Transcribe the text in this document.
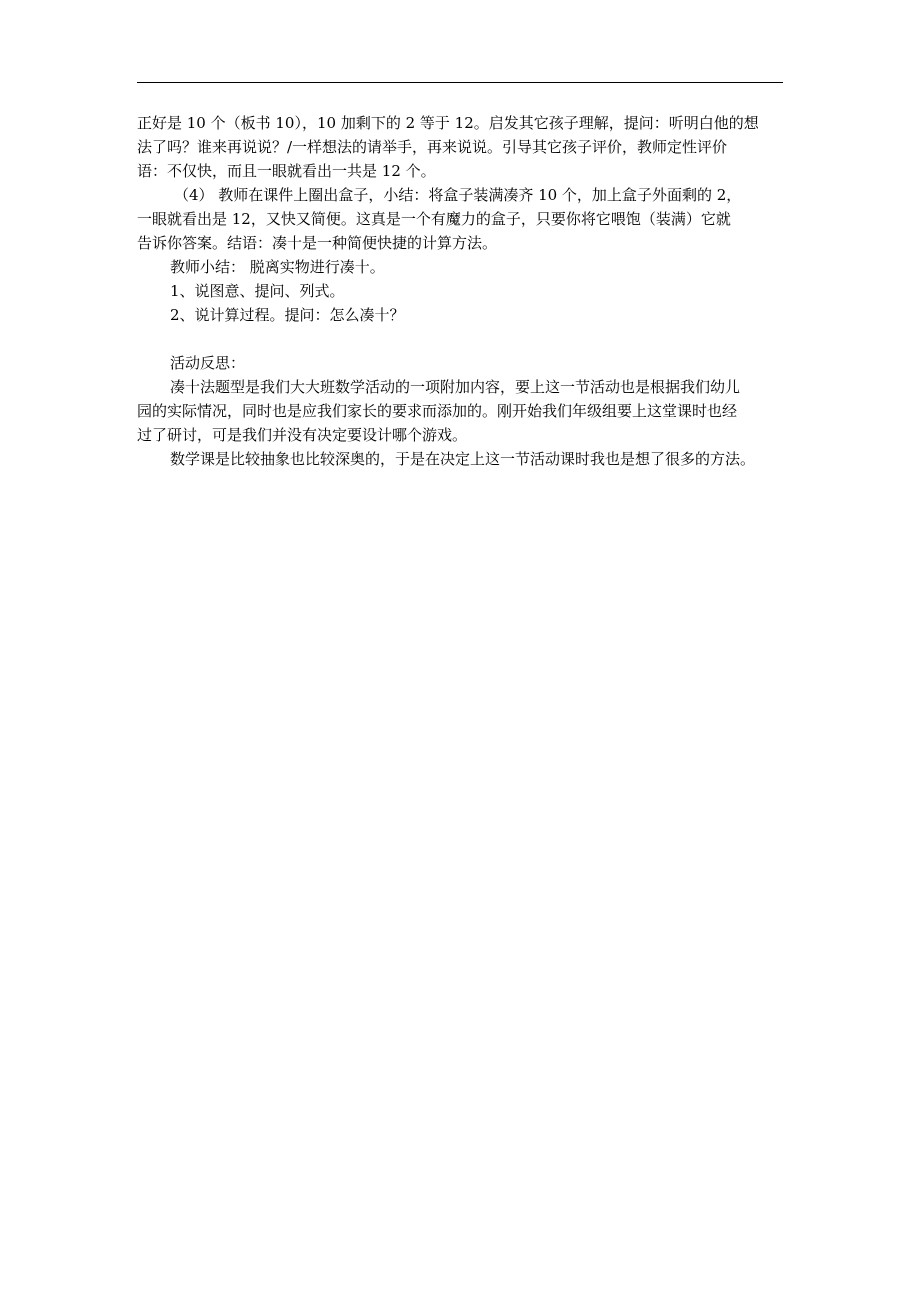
正好是 10 个（板书 10），10 加剩下的 2 等于 12。启发其它孩子理解，提问：听明白他的想
法了吗？谁来再说说？/一样想法的请举手，再来说说。引导其它孩子评价，教师定性评价
语：不仅快，而且一眼就看出一共是 12 个。
（4） 教师在课件上圈出盒子，小结：将盒子装满凑齐 10 个，加上盒子外面剩的 2，
一眼就看出是 12，又快又简便。这真是一个有魔力的盒子，只要你将它喂饱（装满）它就
告诉你答案。结语：凑十是一种简便快捷的计算方法。
教师小结： 脱离实物进行凑十。
1、说图意、提问、列式。
2、说计算过程。提问：怎么凑十？
活动反思：
凑十法题型是我们大大班数学活动的一项附加内容，要上这一节活动也是根据我们幼儿
园的实际情况，同时也是应我们家长的要求而添加的。刚开始我们年级组要上这堂课时也经
过了研讨，可是我们并没有决定要设计哪个游戏。
数学课是比较抽象也比较深奥的，于是在决定上这一节活动课时我也是想了很多的方法。
